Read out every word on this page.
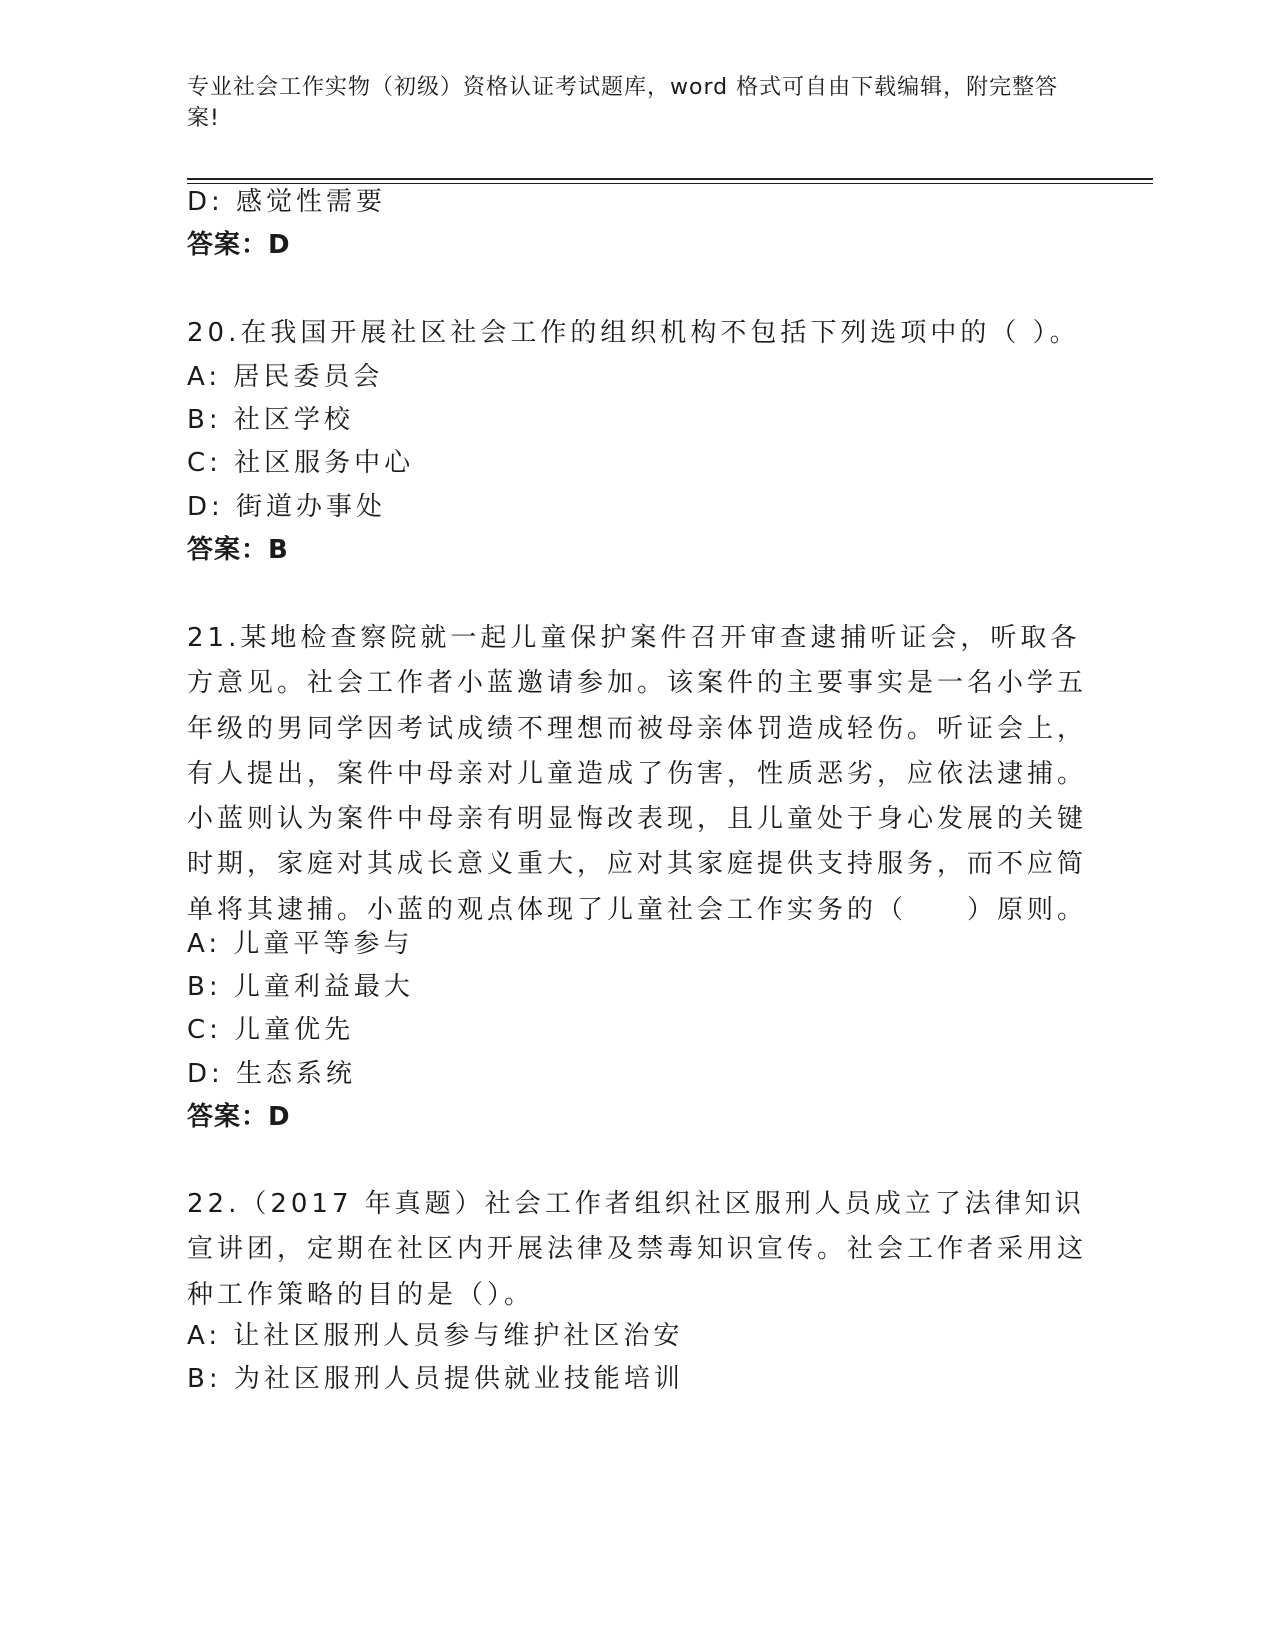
专业社会工作实物（初级）资格认证考试题库，word 格式可自由下载编辑，附完整答案!
D: 感觉性需要
答案：D
20.在我国开展社区社会工作的组织机构不包括下列选项中的（ ）。
A: 居民委员会
B: 社区学校
C: 社区服务中心
D: 街道办事处
答案：B
21.某地检查察院就一起儿童保护案件召开审查逮捕听证会，听取各方意见。社会工作者小蓝邀请参加。该案件的主要事实是一名小学五年级的男同学因考试成绩不理想而被母亲体罚造成轻伤。听证会上，有人提出，案件中母亲对儿童造成了伤害，性质恶劣，应依法逮捕。小蓝则认为案件中母亲有明显悔改表现，且儿童处于身心发展的关键时期，家庭对其成长意义重大，应对其家庭提供支持服务，而不应简单将其逮捕。小蓝的观点体现了儿童社会工作实务的（　　）原则。
A: 儿童平等参与
B: 儿童利益最大
C: 儿童优先
D: 生态系统
答案：D
22.（2017 年真题）社会工作者组织社区服刑人员成立了法律知识宣讲团，定期在社区内开展法律及禁毒知识宣传。社会工作者采用这种工作策略的目的是（）。
A: 让社区服刑人员参与维护社区治安
B: 为社区服刑人员提供就业技能培训
